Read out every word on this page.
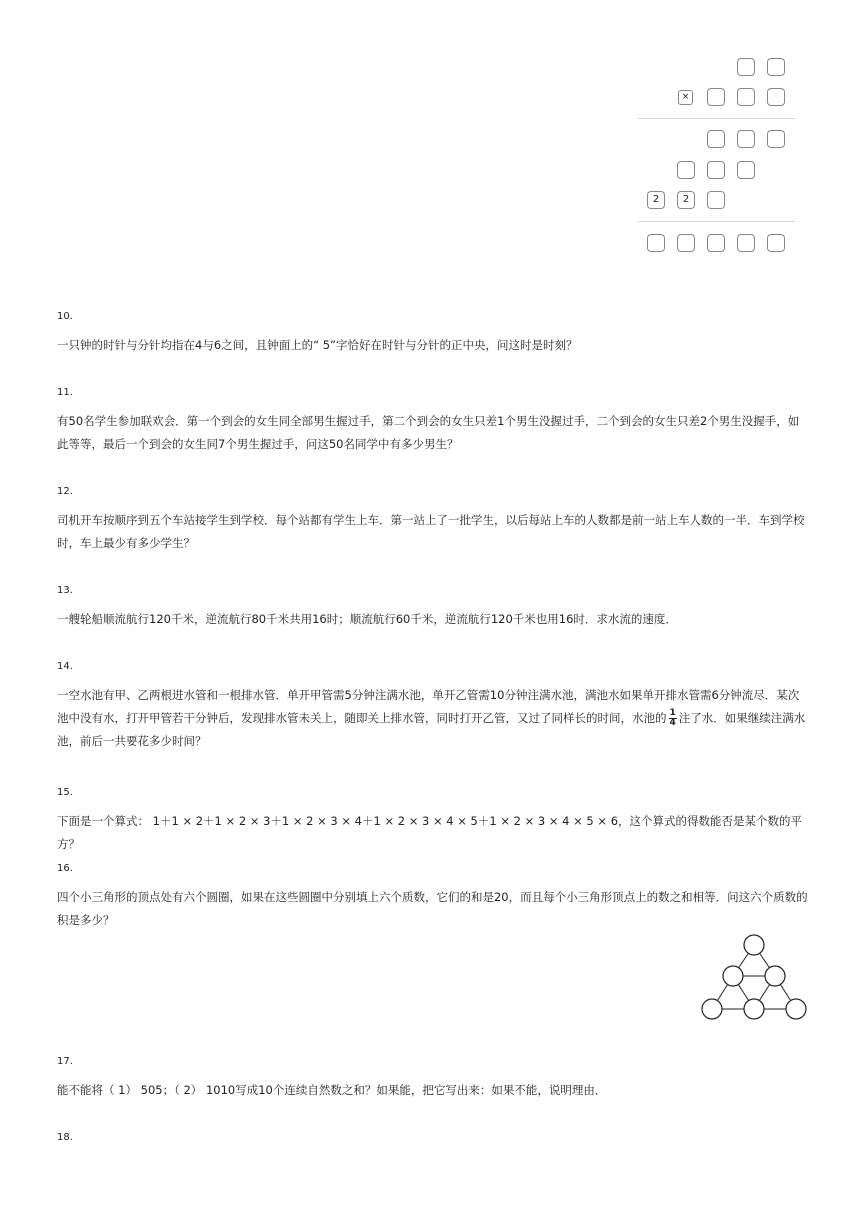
×
2	2
10.

一只钟的时针与分针均指在4与6之间，且钟面上的“ 5”字恰好在时针与分针的正中央，问这时是时刻？

11.

有50名学生参加联欢会．第一个到会的女生同全部男生握过手，第二个到会的女生只差1个男生没握过手，二个到会的女生只差2个男生没握手，如此等等，最后一个到会的女生同7个男生握过手，问这50名同学中有多少男生？

12.

司机开车按顺序到五个车站接学生到学校．每个站都有学生上车．第一站上了一批学生，以后每站上车的人数都是前一站上车人数的一半．车到学校时，车上最少有多少学生？

13.

一艘轮船顺流航行120千米，逆流航行80千米共用16时；顺流航行60千米，逆流航行120千米也用16时．求水流的速度．

14.

一空水池有甲、乙两根进水管和一根排水管．单开甲管需5分钟注满水池，单开乙管需10分钟注满水池，满池水如果单开排水管需6分钟流尽．某次池中没有水，打开甲管若干分钟后，发现排水管未关上，随即关上排水管，同时打开乙管，又过了同样长的时间，水池的 $\frac{1}{4}$ 注了水．如果继续注满水池，前后一共要花多少时间？

15.

下面是一个算式： 1＋1 × 2＋1 × 2 × 3＋1 × 2 × 3 × 4＋1 × 2 × 3 × 4 × 5＋1 × 2 × 3 × 4 × 5 × 6，这个算式的得数能否是某个数的平方？

16.

四个小三角形的顶点处有六个圆圈，如果在这些圆圈中分别填上六个质数，它们的和是20，而且每个小三角形顶点上的数之和相等．问这六个质数的积是多少？

17.

能不能将（ 1） 505；（ 2） 1010写成10个连续自然数之和？如果能，把它写出来：如果不能，说明理由．

18.
